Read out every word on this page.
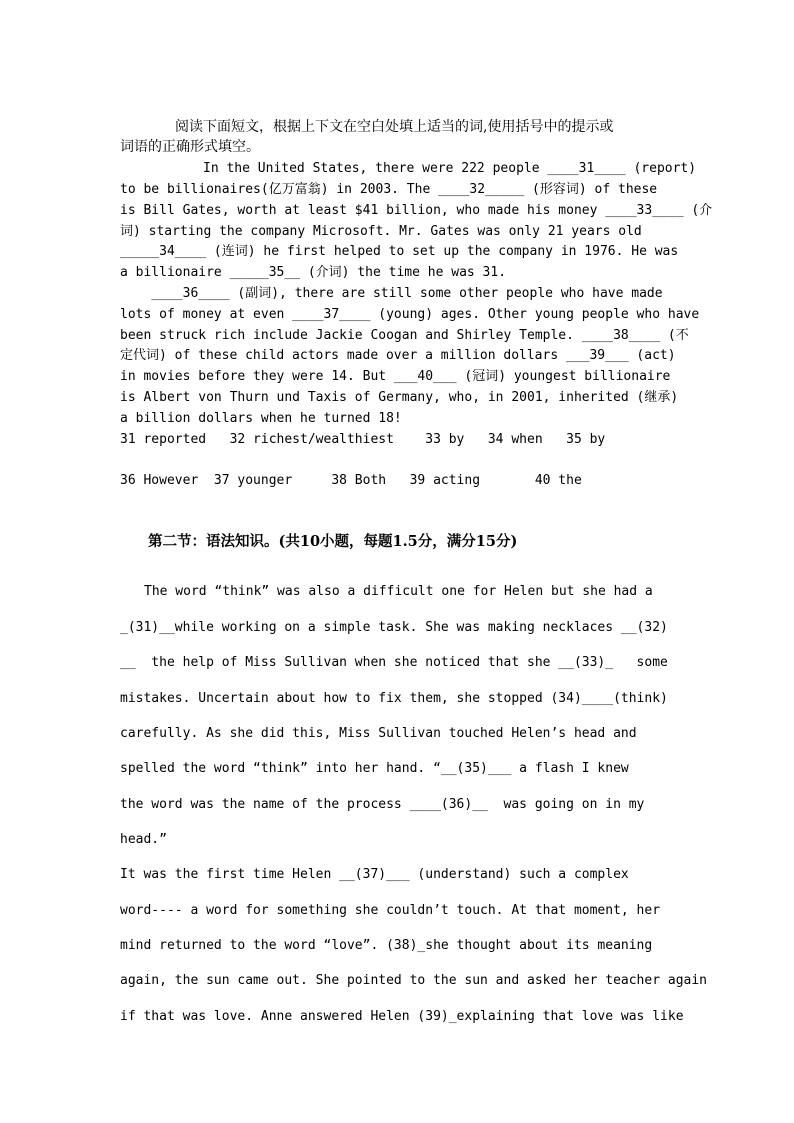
阅读下面短文，根据上下文在空白处填上适当的词,使用括号中的提示或
词语的正确形式填空。
In the United States, there were 222 people ____31____ (report)
to be billionaires(亿万富翁) in 2003. The ____32_____ (形容词) of these
is Bill Gates, worth at least $41 billion, who made his money ____33____ (介
词) starting the company Microsoft. Mr. Gates was only 21 years old
_____34____ (连词) he first helped to set up the company in 1976. He was
a billionaire _____35__ (介词) the time he was 31.
____36____ (副词), there are still some other people who have made
lots of money at even ____37____ (young) ages. Other young people who have
been struck rich include Jackie Coogan and Shirley Temple. ____38____ (不
定代词) of these child actors made over a million dollars ___39___ (act)
in movies before they were 14. But ___40___ (冠词) youngest billionaire
is Albert von Thurn und Taxis of Germany, who, in 2001, inherited (继承)
a billion dollars when he turned 18!
31 reported   32 richest/wealthiest    33 by   34 when   35 by
36 However  37 younger     38 Both   39 acting       40 the
第二节：语法知识。(共10小题，每题1.5分，满分15分)
The word “think” was also a difficult one for Helen but she had a
_(31)__while working on a simple task. She was making necklaces __(32)
__  the help of Miss Sullivan when she noticed that she __(33)_   some
mistakes. Uncertain about how to fix them, she stopped (34)____(think)
carefully. As she did this, Miss Sullivan touched Helen’s head and
spelled the word “think” into her hand. “__(35)___ a flash I knew
the word was the name of the process ____(36)__  was going on in my
head.”
It was the first time Helen __(37)___ (understand) such a complex
word---- a word for something she couldn’t touch. At that moment, her
mind returned to the word “love”. (38)_she thought about its meaning
again, the sun came out. She pointed to the sun and asked her teacher again
if that was love. Anne answered Helen (39)_explaining that love was like
